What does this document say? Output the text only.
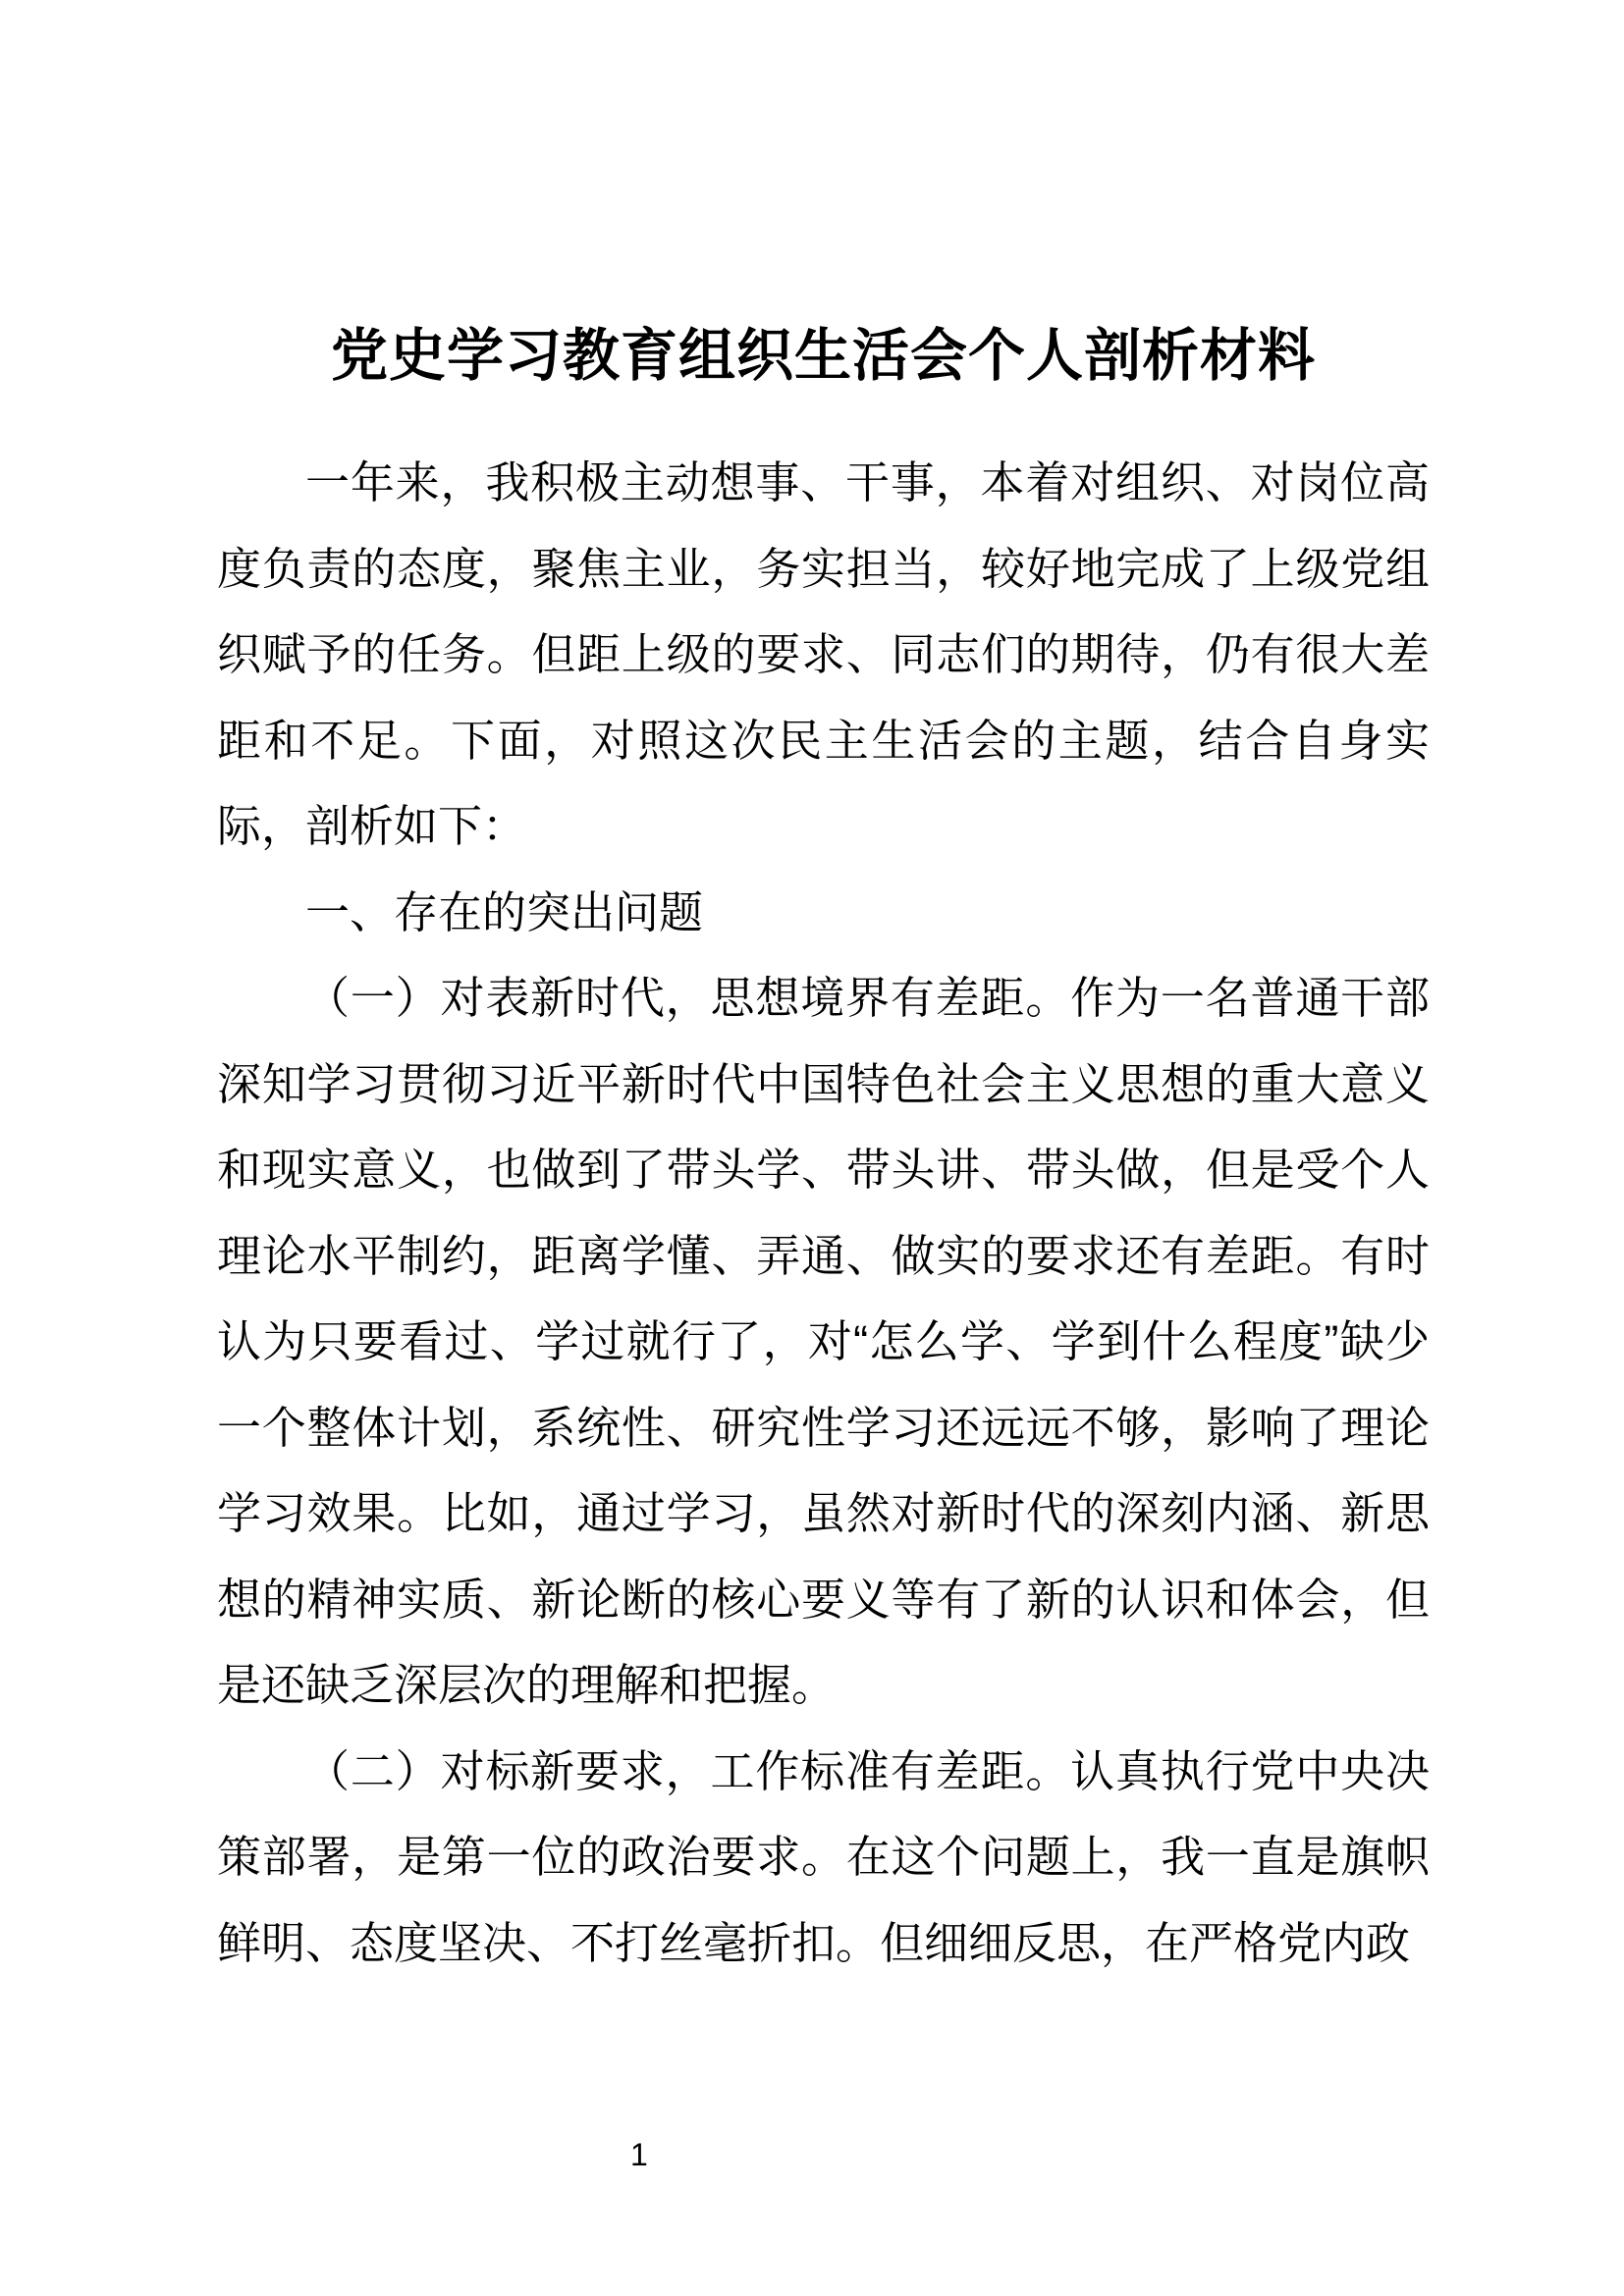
党史学习教育组织生活会个人剖析材料

一年来，我积极主动想事、干事，本着对组织、对岗位高度负责的态度，聚焦主业，务实担当，较好地完成了上级党组织赋予的任务。但距上级的要求、同志们的期待，仍有很大差距和不足。下面，对照这次民主生活会的主题，结合自身实际，剖析如下：

一、存在的突出问题

（一）对表新时代，思想境界有差距。作为一名普通干部深知学习贯彻习近平新时代中国特色社会主义思想的重大意义和现实意义，也做到了带头学、带头讲、带头做，但是受个人理论水平制约，距离学懂、弄通、做实的要求还有差距。有时认为只要看过、学过就行了，对“怎么学、学到什么程度”缺少一个整体计划，系统性、研究性学习还远远不够，影响了理论学习效果。比如，通过学习，虽然对新时代的深刻内涵、新思想的精神实质、新论断的核心要义等有了新的认识和体会，但是还缺乏深层次的理解和把握。

（二）对标新要求，工作标准有差距。认真执行党中央决策部署，是第一位的政治要求。在这个问题上，我一直是旗帜鲜明、态度坚决、不打丝毫折扣。但细细反思，在严格党内政

1
